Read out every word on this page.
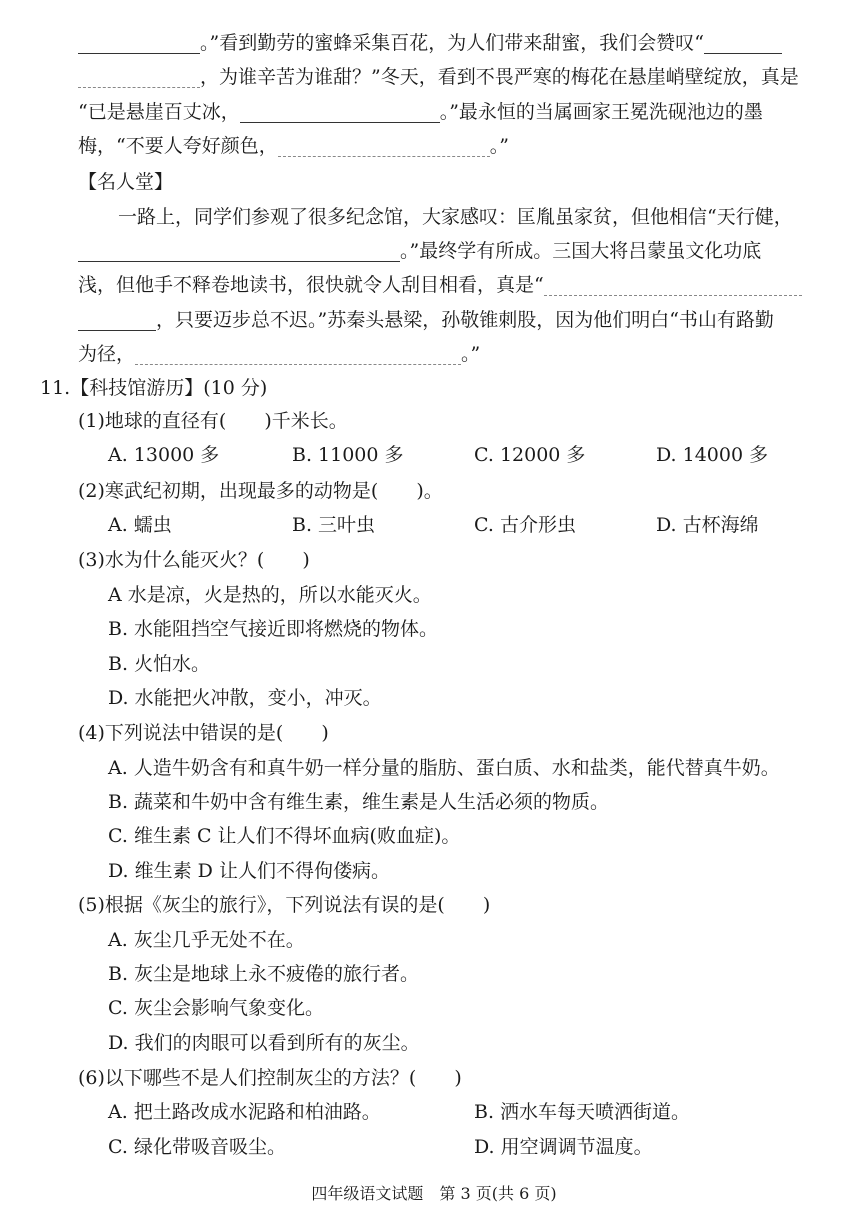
。”看到勤劳的蜜蜂采集百花，为人们带来甜蜜，我们会赞叹“
，为谁辛苦为谁甜？”冬天，看到不畏严寒的梅花在悬崖峭壁绽放，真是
“已是悬崖百丈冰，	。”最永恒的当属画家王冕洗砚池边的墨
梅，“不要人夸好颜色，	。”
【名人堂】
一路上，同学们参观了很多纪念馆，大家感叹：匡胤虽家贫，但他相信“天行健，
。”最终学有所成。三国大将吕蒙虽文化功底
浅，但他手不释卷地读书，很快就令人刮目相看，真是“
，只要迈步总不迟。”苏秦头悬梁，孙敬锥刺股，因为他们明白“书山有路勤
为径，	。”
11.【科技馆游历】(10 分)
(1)地球的直径有(　　)千米长。
A. 13000 多	B. 11000 多	C. 12000 多	D. 14000 多
(2)寒武纪初期，出现最多的动物是(　　)。
A. 蠕虫	B. 三叶虫	C. 古介形虫	D. 古杯海绵
(3)水为什么能灭火？(　　)
A 水是凉，火是热的，所以水能灭火。
B. 水能阻挡空气接近即将燃烧的物体。
B. 火怕水。
D. 水能把火冲散，变小，冲灭。
(4)下列说法中错误的是(　　)
A. 人造牛奶含有和真牛奶一样分量的脂肪、蛋白质、水和盐类，能代替真牛奶。
B. 蔬菜和牛奶中含有维生素，维生素是人生活必须的物质。
C. 维生素 C 让人们不得坏血病(败血症)。
D. 维生素 D 让人们不得佝偻病。
(5)根据《灰尘的旅行》，下列说法有误的是(　　)
A. 灰尘几乎无处不在。
B. 灰尘是地球上永不疲倦的旅行者。
C. 灰尘会影响气象变化。
D. 我们的肉眼可以看到所有的灰尘。
(6)以下哪些不是人们控制灰尘的方法？(　　)
A. 把土路改成水泥路和柏油路。	B. 洒水车每天喷洒街道。
C. 绿化带吸音吸尘。	D. 用空调调节温度。
四年级语文试题　第 3 页(共 6 页)
